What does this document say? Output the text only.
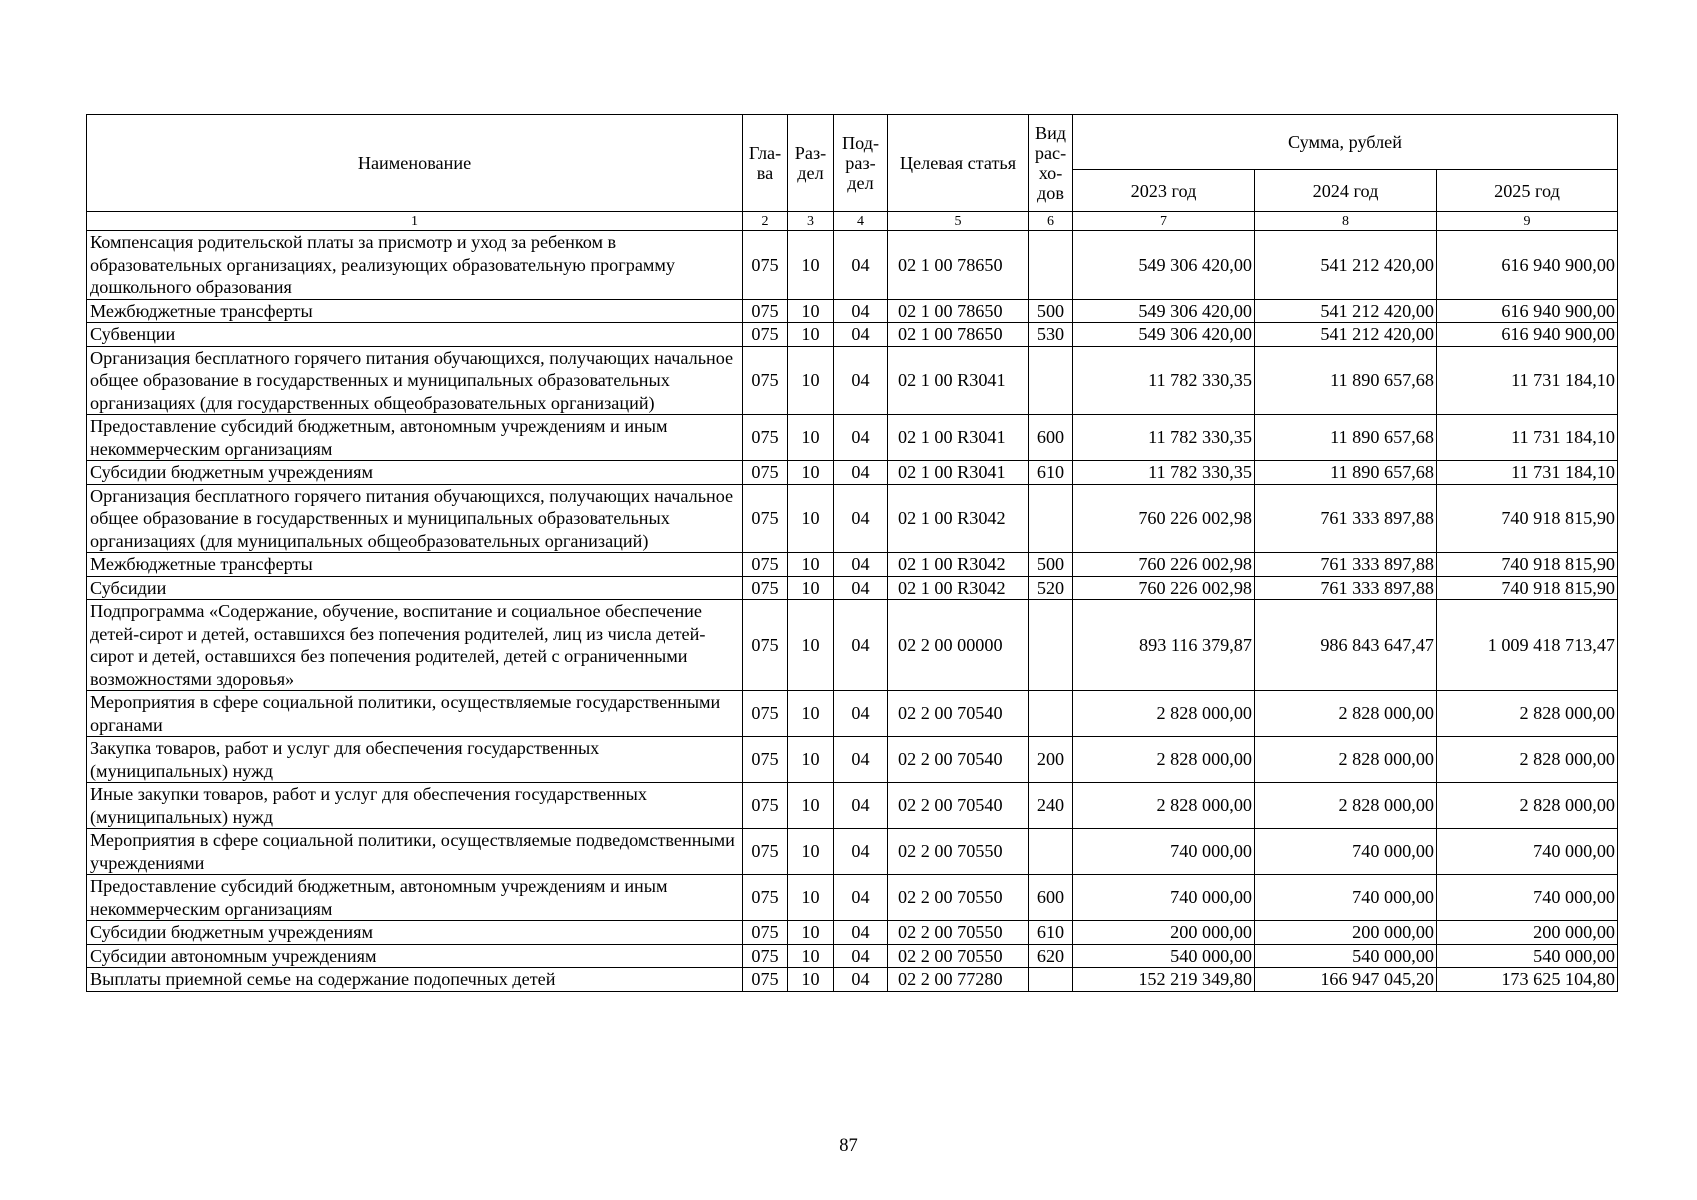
Наименование	Гла-ва	Раз-дел	Под-раз-дел	Целевая статья	Вид рас-хо-дов	Сумма, рублей		
						2023 год	2024 год	2025 год
1	2	3	4	5	6	7	8	9
Компенсация родительской платы за присмотр и уход за ребенком в образовательных организациях, реализующих образовательную программу дошкольного образования	075	10	04	02 1 00 78650		549 306 420,00	541 212 420,00	616 940 900,00
Межбюджетные трансферты	075	10	04	02 1 00 78650	500	549 306 420,00	541 212 420,00	616 940 900,00
Субвенции	075	10	04	02 1 00 78650	530	549 306 420,00	541 212 420,00	616 940 900,00
Организация бесплатного горячего питания обучающихся, получающих начальное общее образование в государственных и муниципальных образовательных организациях (для государственных общеобразовательных организаций)	075	10	04	02 1 00 R3041		11 782 330,35	11 890 657,68	11 731 184,10
Предоставление субсидий бюджетным, автономным учреждениям и иным некоммерческим организациям	075	10	04	02 1 00 R3041	600	11 782 330,35	11 890 657,68	11 731 184,10
Субсидии бюджетным учреждениям	075	10	04	02 1 00 R3041	610	11 782 330,35	11 890 657,68	11 731 184,10
Организация бесплатного горячего питания обучающихся, получающих начальное общее образование в государственных и муниципальных образовательных организациях (для муниципальных общеобразовательных организаций)	075	10	04	02 1 00 R3042		760 226 002,98	761 333 897,88	740 918 815,90
Межбюджетные трансферты	075	10	04	02 1 00 R3042	500	760 226 002,98	761 333 897,88	740 918 815,90
Субсидии	075	10	04	02 1 00 R3042	520	760 226 002,98	761 333 897,88	740 918 815,90
Подпрограмма «Содержание, обучение, воспитание и социальное обеспечение детей-сирот и детей, оставшихся без попечения родителей, лиц из числа детей-сирот и детей, оставшихся без попечения родителей, детей с ограниченными возможностями здоровья»	075	10	04	02 2 00 00000		893 116 379,87	986 843 647,47	1 009 418 713,47
Мероприятия в сфере социальной политики, осуществляемые государственными органами	075	10	04	02 2 00 70540		2 828 000,00	2 828 000,00	2 828 000,00
Закупка товаров, работ и услуг для обеспечения государственных (муниципальных) нужд	075	10	04	02 2 00 70540	200	2 828 000,00	2 828 000,00	2 828 000,00
Иные закупки товаров, работ и услуг для обеспечения государственных (муниципальных) нужд	075	10	04	02 2 00 70540	240	2 828 000,00	2 828 000,00	2 828 000,00
Мероприятия в сфере социальной политики, осуществляемые подведомственными учреждениями	075	10	04	02 2 00 70550		740 000,00	740 000,00	740 000,00
Предоставление субсидий бюджетным, автономным учреждениям и иным некоммерческим организациям	075	10	04	02 2 00 70550	600	740 000,00	740 000,00	740 000,00
Субсидии бюджетным учреждениям	075	10	04	02 2 00 70550	610	200 000,00	200 000,00	200 000,00
Субсидии автономным учреждениям	075	10	04	02 2 00 70550	620	540 000,00	540 000,00	540 000,00
Выплаты приемной семье на содержание подопечных детей	075	10	04	02 2 00 77280		152 219 349,80	166 947 045,20	173 625 104,80
87
